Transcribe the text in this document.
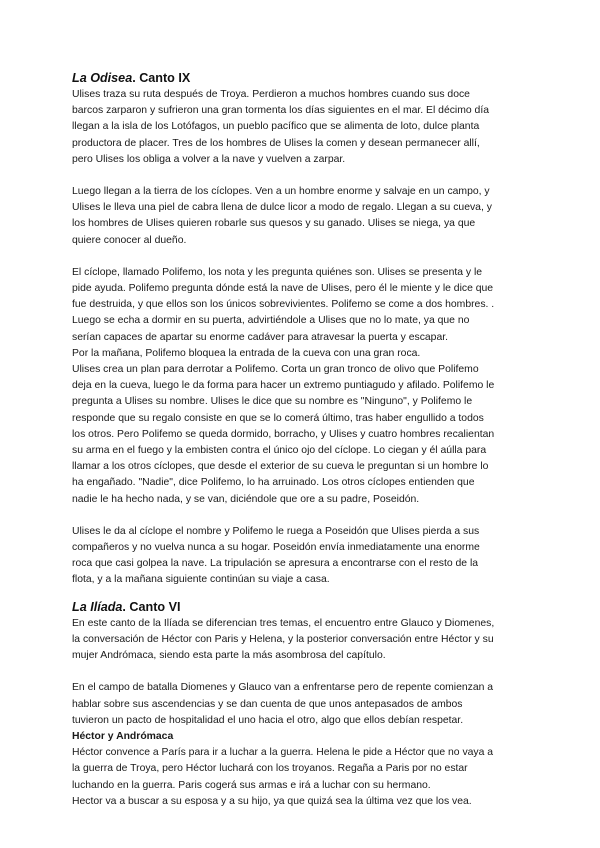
La Odisea. Canto IX

Ulises traza su ruta después de Troya. Perdieron a muchos hombres cuando sus doce
barcos zarparon y sufrieron una gran tormenta los días siguientes en el mar. El décimo día
llegan a la isla de los Lotófagos, un pueblo pacífico que se alimenta de loto, dulce planta
productora de placer. Tres de los hombres de Ulises la comen y desean permanecer allí,
pero Ulises los obliga a volver a la nave y vuelven a zarpar.

Luego llegan a la tierra de los cíclopes. Ven a un hombre enorme y salvaje en un campo, y
Ulises le lleva una piel de cabra llena de dulce licor a modo de regalo. Llegan a su cueva, y
los hombres de Ulises quieren robarle sus quesos y su ganado. Ulises se niega, ya que
quiere conocer al dueño.

El cíclope, llamado Polifemo, los nota y les pregunta quiénes son. Ulises se presenta y le
pide ayuda. Polifemo pregunta dónde está la nave de Ulises, pero él le miente y le dice que
fue destruida, y que ellos son los únicos sobrevivientes. Polifemo se come a dos hombres. .
Luego se echa a dormir en su puerta, advirtiéndole a Ulises que no lo mate, ya que no
serían capaces de apartar su enorme cadáver para atravesar la puerta y escapar.
Por la mañana, Polifemo bloquea la entrada de la cueva con una gran roca.
Ulises crea un plan para derrotar a Polifemo. Corta un gran tronco de olivo que Polifemo
deja en la cueva, luego le da forma para hacer un extremo puntiagudo y afilado. Polifemo le
pregunta a Ulises su nombre. Ulises le dice que su nombre es "Ninguno", y Polifemo le
responde que su regalo consiste en que se lo comerá último, tras haber engullido a todos
los otros. Pero Polifemo se queda dormido, borracho, y Ulises y cuatro hombres recalientan
su arma en el fuego y la embisten contra el único ojo del cíclope. Lo ciegan y él aúlla para
llamar a los otros cíclopes, que desde el exterior de su cueva le preguntan si un hombre lo
ha engañado. "Nadie", dice Polifemo, lo ha arruinado. Los otros cíclopes entienden que
nadie le ha hecho nada, y se van, diciéndole que ore a su padre, Poseidón.

Ulises le da al cíclope el nombre y Polifemo le ruega a Poseidón que Ulises pierda a sus
compañeros y no vuelva nunca a su hogar. Poseidón envía inmediatamente una enorme
roca que casi golpea la nave. La tripulación se apresura a encontrarse con el resto de la
flota, y a la mañana siguiente continúan su viaje a casa.

La Ilíada. Canto VI

En este canto de la Ilíada se diferencian tres temas, el encuentro entre Glauco y Diomenes,
la conversación de Héctor con Paris y Helena, y la posterior conversación entre Héctor y su
mujer Andrómaca, siendo esta parte la más asombrosa del capítulo.

En el campo de batalla Diomenes y Glauco van a enfrentarse pero de repente comienzan a
hablar sobre sus ascendencias y se dan cuenta de que unos antepasados de ambos
tuvieron un pacto de hospitalidad el uno hacia el otro, algo que ellos debían respetar.

Héctor y Andrómaca

Héctor convence a París para ir a luchar a la guerra. Helena le pide a Héctor que no vaya a
la guerra de Troya, pero Héctor luchará con los troyanos. Regaña a Paris por no estar
luchando en la guerra. Paris cogerá sus armas e irá a luchar con su hermano.
Hector va a buscar a su esposa y a su hijo, ya que quizá sea la última vez que los vea.
